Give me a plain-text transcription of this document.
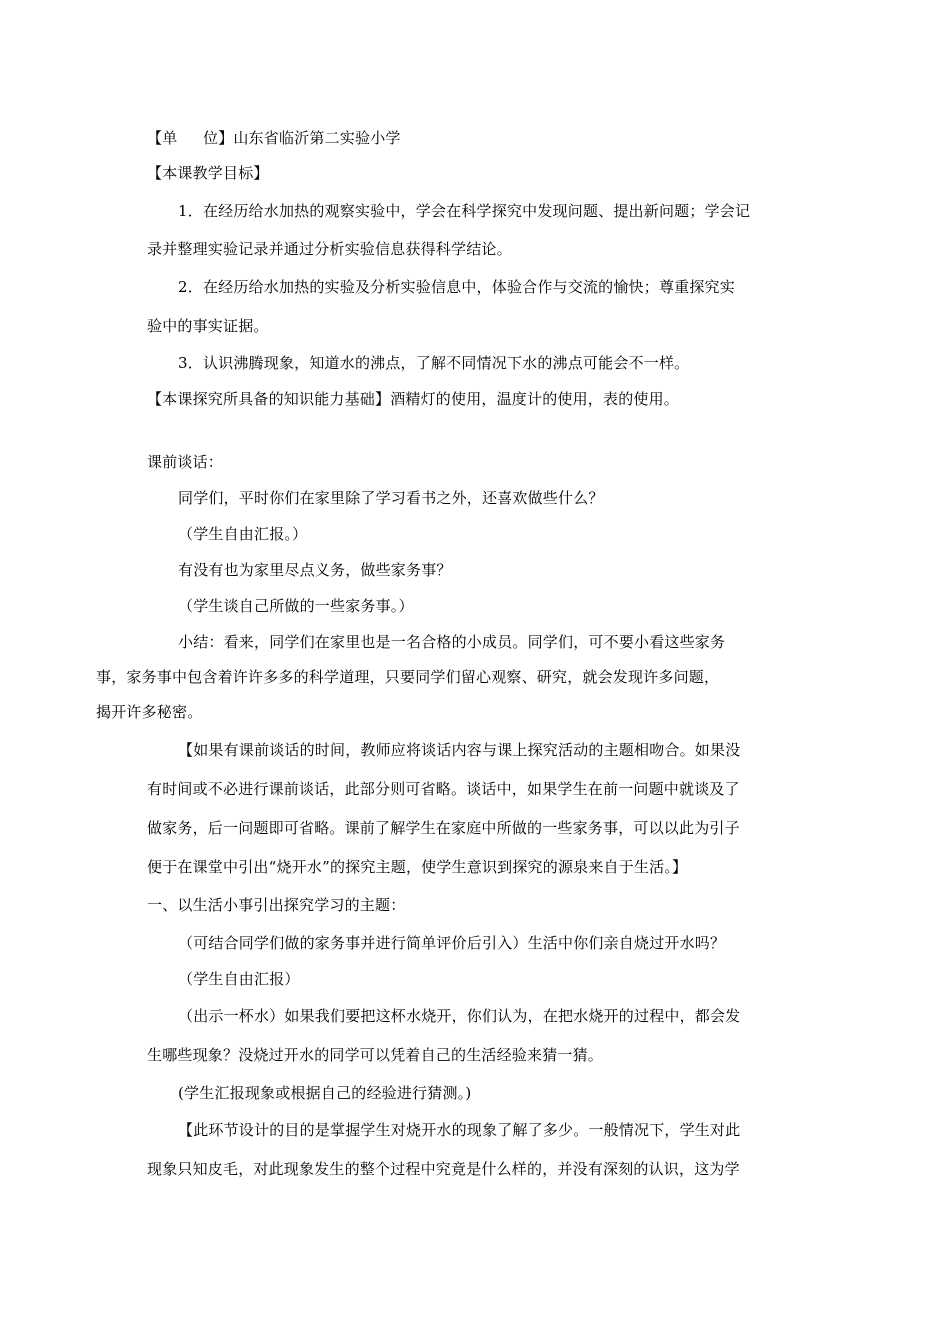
【单 位】山东省临沂第二实验小学
【本课教学目标】
1．在经历给水加热的观察实验中，学会在科学探究中发现问题、提出新问题；学会记
录并整理实验记录并通过分析实验信息获得科学结论。
2．在经历给水加热的实验及分析实验信息中，体验合作与交流的愉快；尊重探究实
验中的事实证据。
3．认识沸腾现象，知道水的沸点，了解不同情况下水的沸点可能会不一样。
【本课探究所具备的知识能力基础】酒精灯的使用，温度计的使用，表的使用。
课前谈话：
同学们，平时你们在家里除了学习看书之外，还喜欢做些什么？
（学生自由汇报。）
有没有也为家里尽点义务，做些家务事？
（学生谈自己所做的一些家务事。）
小结：看来，同学们在家里也是一名合格的小成员。同学们，可不要小看这些家务
事，家务事中包含着许许多多的科学道理，只要同学们留心观察、研究，就会发现许多问题，
揭开许多秘密。
【如果有课前谈话的时间，教师应将谈话内容与课上探究活动的主题相吻合。如果没
有时间或不必进行课前谈话，此部分则可省略。谈话中，如果学生在前一问题中就谈及了
做家务，后一问题即可省略。课前了解学生在家庭中所做的一些家务事，可以以此为引子
便于在课堂中引出“烧开水”的探究主题，使学生意识到探究的源泉来自于生活。】
一、以生活小事引出探究学习的主题：
（可结合同学们做的家务事并进行简单评价后引入）生活中你们亲自烧过开水吗？
（学生自由汇报）
（出示一杯水）如果我们要把这杯水烧开，你们认为，在把水烧开的过程中，都会发
生哪些现象？没烧过开水的同学可以凭着自己的生活经验来猜一猜。
(学生汇报现象或根据自己的经验进行猜测。)
【此环节设计的目的是掌握学生对烧开水的现象了解了多少。一般情况下，学生对此
现象只知皮毛，对此现象发生的整个过程中究竟是什么样的，并没有深刻的认识，这为学
